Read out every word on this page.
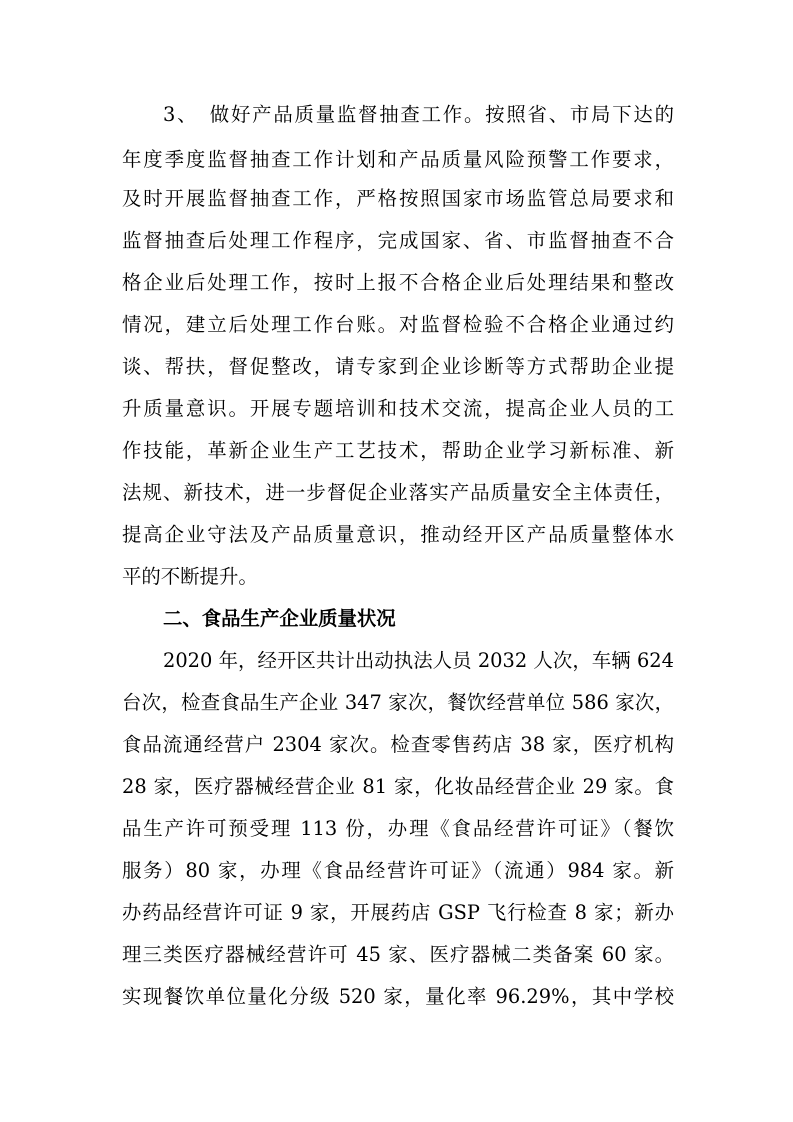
3、　做好产品质量监督抽查工作。按照省、市局下达的
年度季度监督抽查工作计划和产品质量风险预警工作要求，
及时开展监督抽查工作，严格按照国家市场监管总局要求和
监督抽查后处理工作程序，完成国家、省、市监督抽查不合
格企业后处理工作，按时上报不合格企业后处理结果和整改
情况，建立后处理工作台账。对监督检验不合格企业通过约
谈、帮扶，督促整改，请专家到企业诊断等方式帮助企业提
升质量意识。开展专题培训和技术交流，提高企业人员的工
作技能，革新企业生产工艺技术，帮助企业学习新标准、新
法规、新技术，进一步督促企业落实产品质量安全主体责任，
提高企业守法及产品质量意识，推动经开区产品质量整体水
平的不断提升。
二、食品生产企业质量状况
2020 年，经开区共计出动执法人员 2032 人次，车辆 624
台次，检查食品生产企业 347 家次，餐饮经营单位 586 家次，
食品流通经营户 2304 家次。检查零售药店 38 家，医疗机构
28 家，医疗器械经营企业 81 家，化妆品经营企业 29 家。食
品生产许可预受理 113 份，办理《食品经营许可证》（餐饮
服务）80 家，办理《食品经营许可证》（流通）984 家。新
办药品经营许可证 9 家，开展药店 GSP 飞行检查 8 家；新办
理三类医疗器械经营许可 45 家、医疗器械二类备案 60 家。
实现餐饮单位量化分级 520 家，量化率 96.29%，其中学校
